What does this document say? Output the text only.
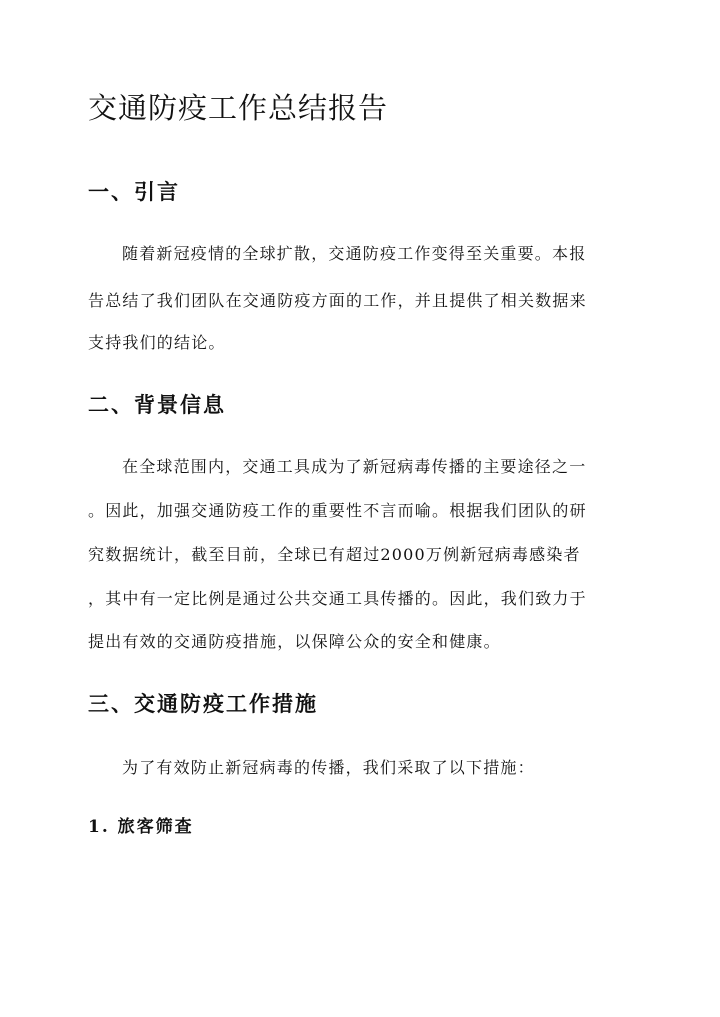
交通防疫工作总结报告
一、引言

随着新冠疫情的全球扩散，交通防疫工作变得至关重要。本报

告总结了我们团队在交通防疫方面的工作，并且提供了相关数据来

支持我们的结论。

二、背景信息

在全球范围内，交通工具成为了新冠病毒传播的主要途径之一

。因此，加强交通防疫工作的重要性不言而喻。根据我们团队的研

究数据统计，截至目前，全球已有超过2000万例新冠病毒感染者

，其中有一定比例是通过公共交通工具传播的。因此，我们致力于

提出有效的交通防疫措施，以保障公众的安全和健康。

三、交通防疫工作措施

为了有效防止新冠病毒的传播，我们采取了以下措施：

1. 旅客筛查
